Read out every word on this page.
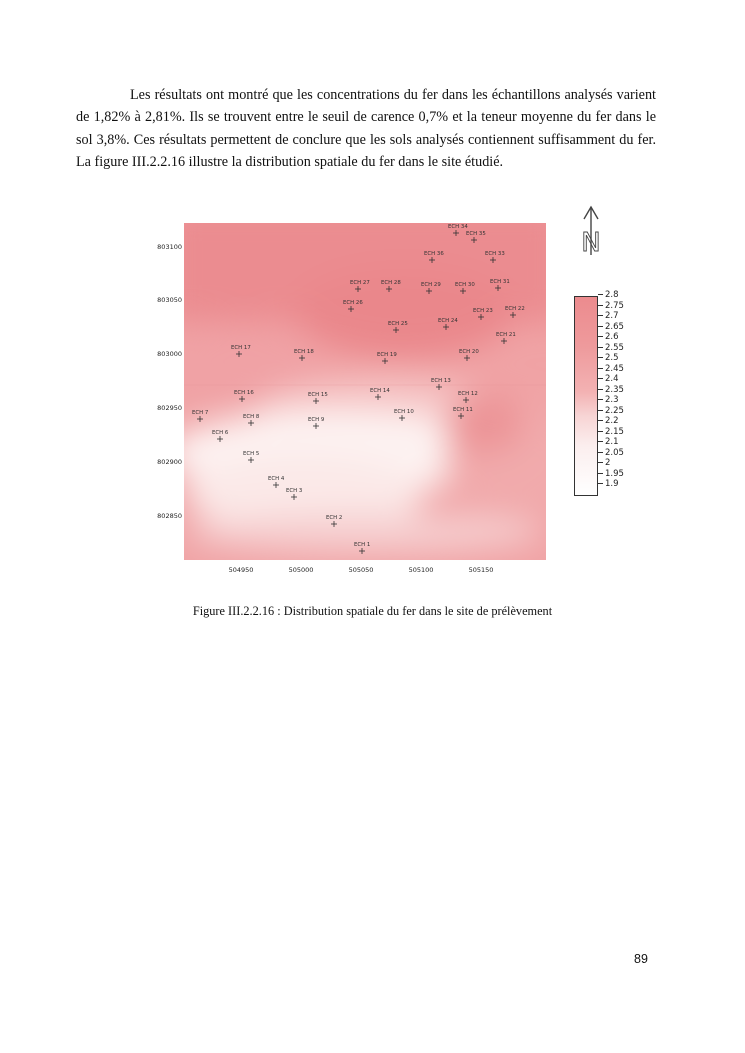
Les résultats ont montré que les concentrations du fer dans les échantillons analysés varient de 1,82% à 2,81%. Ils se trouvent entre le seuil de carence 0,7% et la teneur moyenne du fer dans le sol 3,8%. Ces résultats permettent de conclure que les sols analysés contiennent suffisamment du fer. La figure III.2.2.16 illustre la distribution spatiale du fer dans le site étudié.

ECH 34
ECH 35
ECH 36	ECH 33
ECH 27 ECH 28	ECH 29	ECH 30	ECH 31
ECH 26
ECH 23 ECH 22
ECH 25	ECH 24
ECH 21
ECH 17
ECH 18	ECH 19	ECH 20
ECH 13
ECH 16	ECH 15
ECH 14	ECH 12
ECH 7
ECH 8	ECH 9
ECH 10	ECH 11
ECH 6
ECH 5
ECH 4
ECH 3
ECH 2
ECH 1
803100
803050
803000
802950
802900
802850
504950	505000	505050	505100	505150
N
2.8
2.75
2.7
2.65
2.6
2.55
2.5
2.45
2.4
2.35
2.3
2.25
2.2
2.15
2.1
2.05
2
1.95
1.9
Figure III.2.2.16 : Distribution spatiale du fer dans le site de prélèvement
89
